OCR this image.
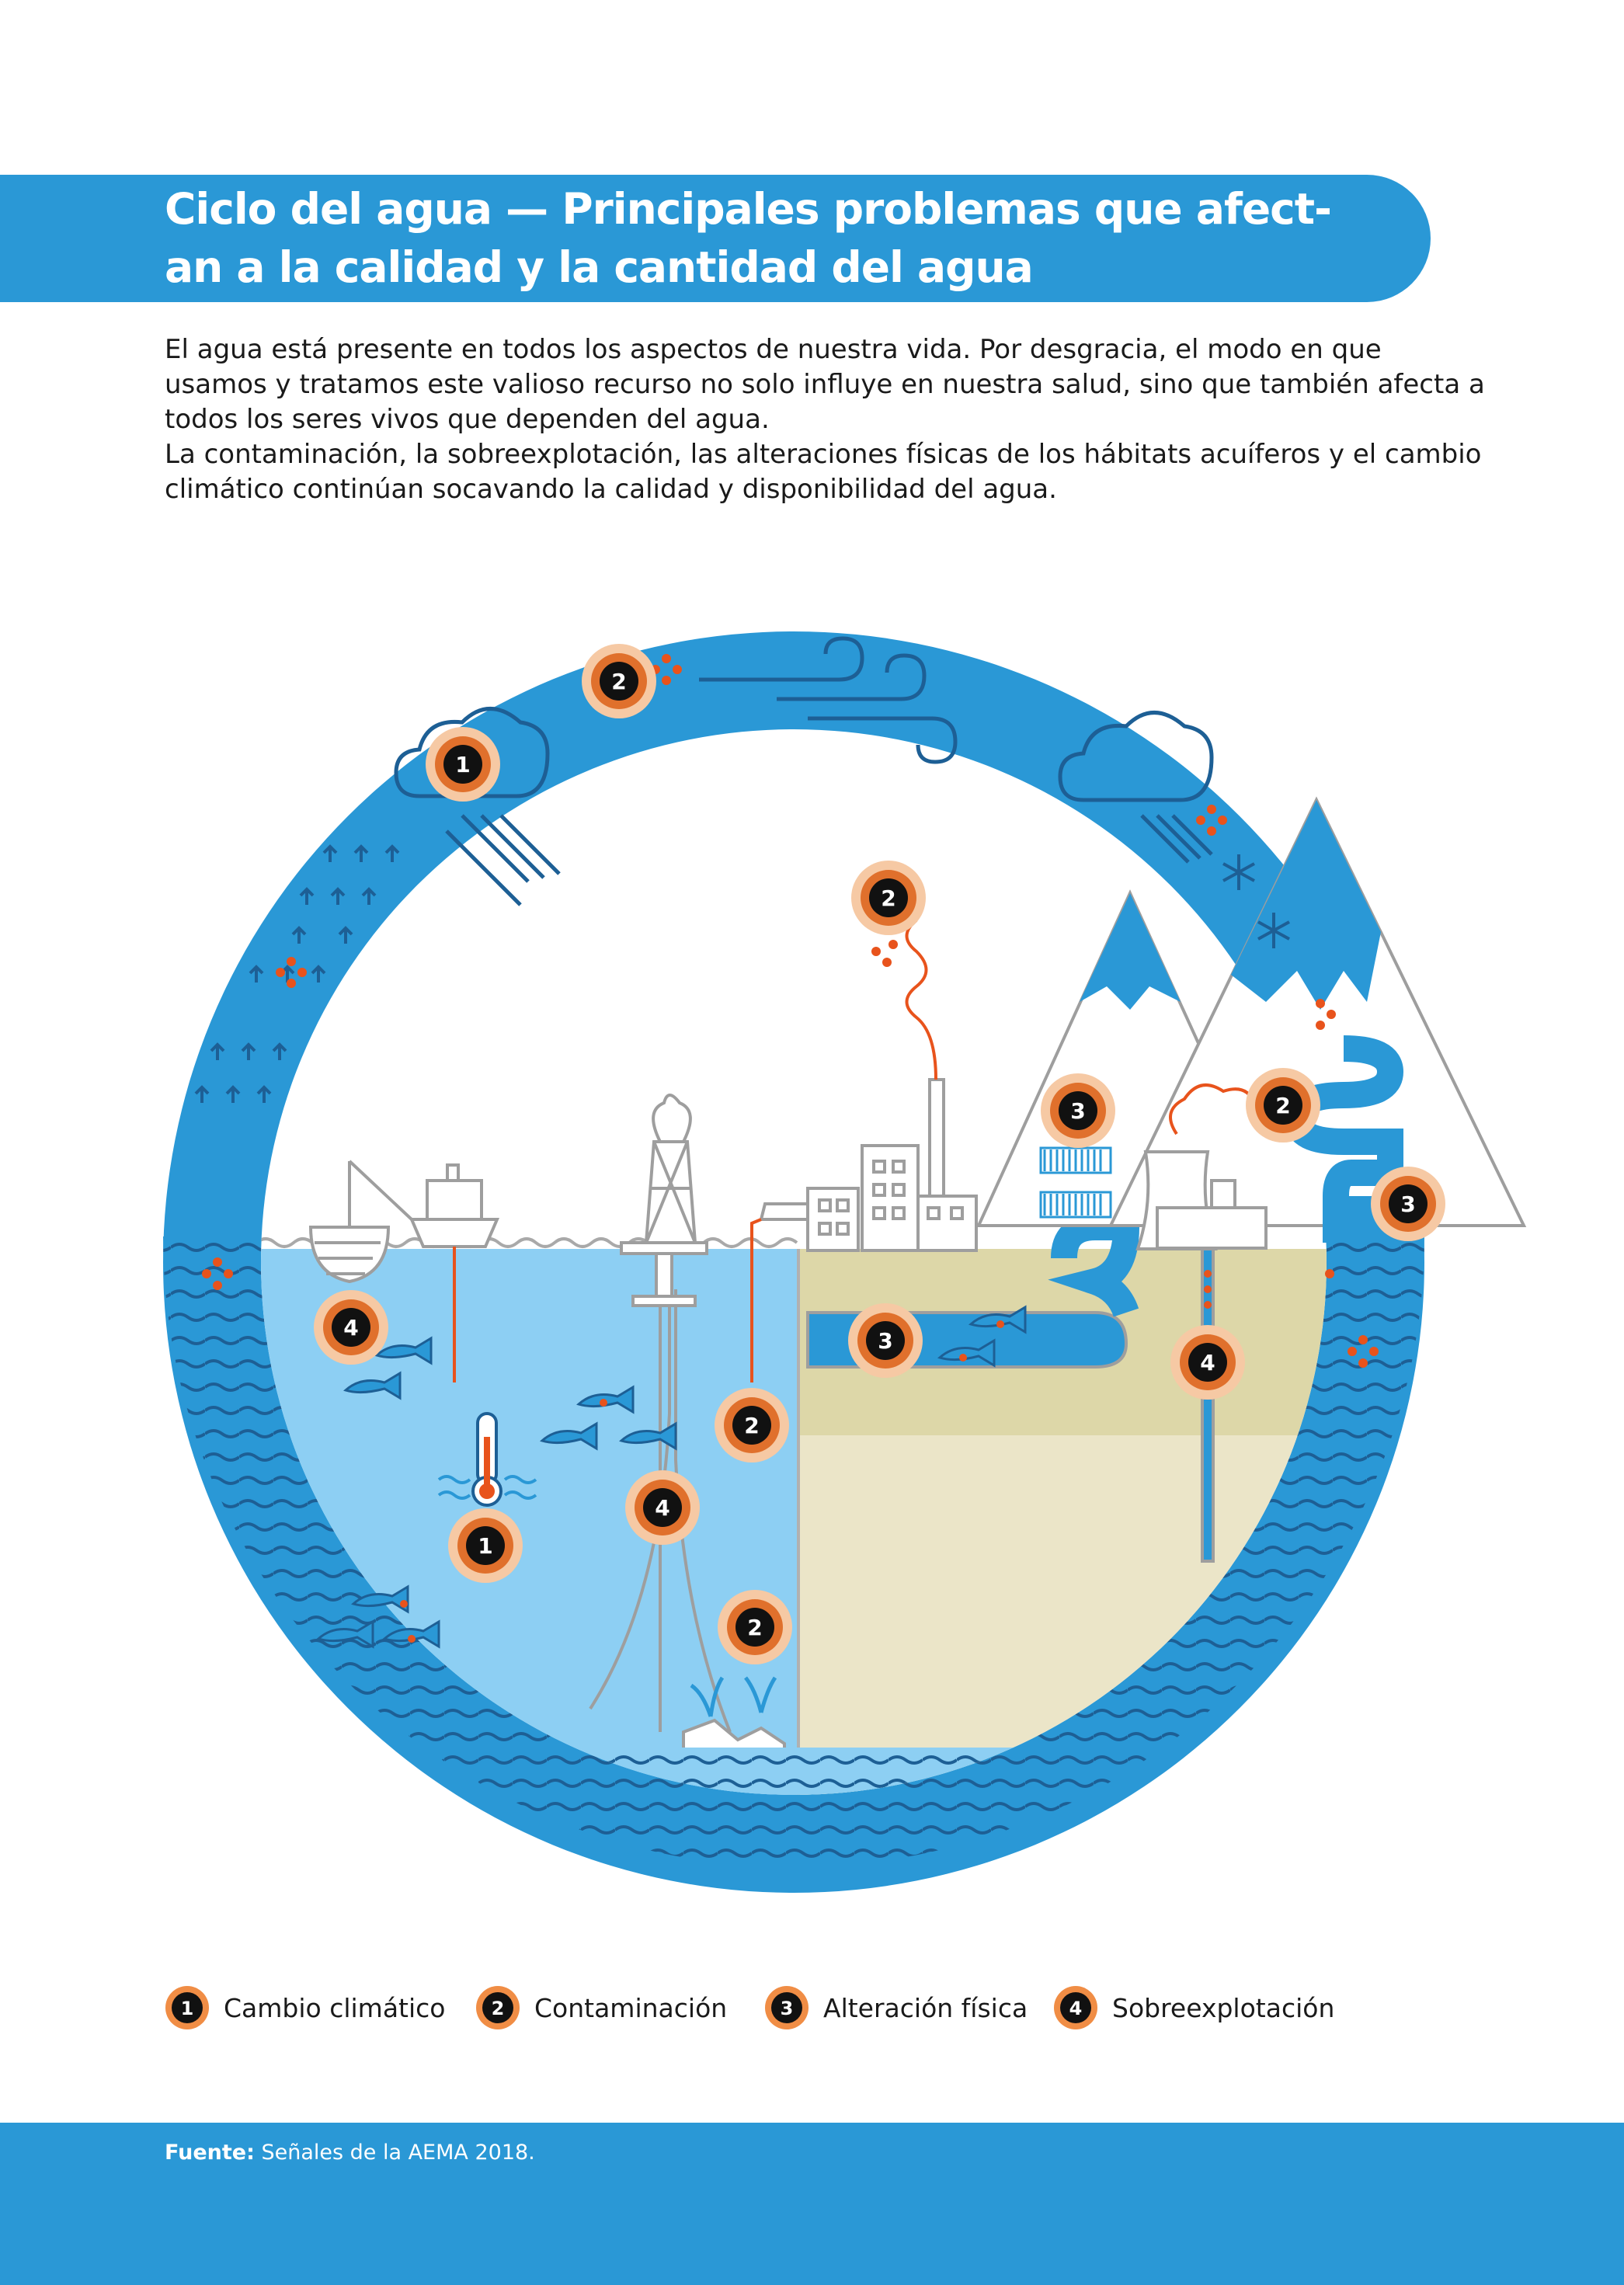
Ciclo del agua — Principales problemas que afect-
an a la calidad y la cantidad del agua

El agua está presente en todos los aspectos de nuestra vida. Por desgracia, el modo en que usamos y tratamos este valioso recurso no solo influye en nuestra salud, sino que también afecta a todos los seres vivos que dependen del agua.

La contaminación, la sobreexplotación, las alteraciones físicas de los hábitats acuíferos y el cambio climático continúan socavando la calidad y disponibilidad del agua.

1
2
2
3	2
3
4
3
4
2
4
1
2
1 Cambio climático 2 Contaminación	3 Alteración física 4 Sobreexplotación
Fuente: Señales de la AEMA 2018.
